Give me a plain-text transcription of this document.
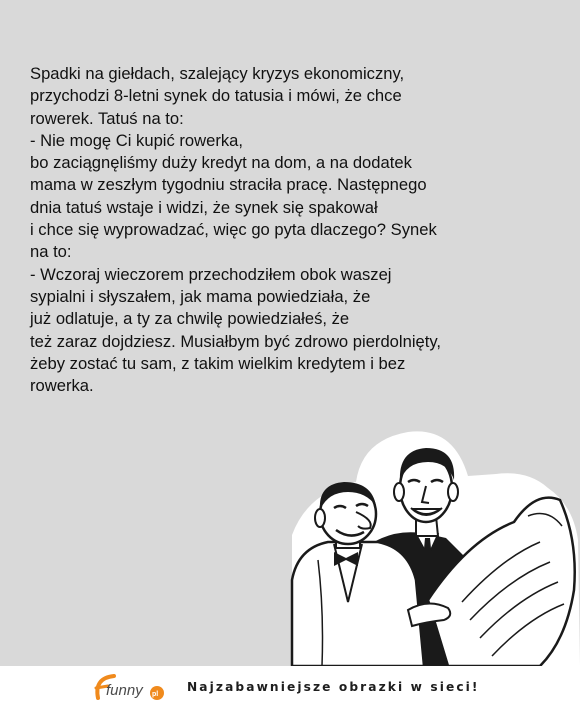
Spadki na giełdach, szalejący kryzys ekonomiczny,
przychodzi 8-letni synek do tatusia i mówi, że chce
rowerek. Tatuś na to:
- Nie mogę Ci kupić rowerka,
bo zaciągnęliśmy duży kredyt na dom, a na dodatek
mama w zeszłym tygodniu straciła pracę. Następnego
dnia tatuś wstaje i widzi, że synek się spakował
i chce się wyprowadzać, więc go pyta dlaczego? Synek
na to:
- Wczoraj wieczorem przechodziłem obok waszej
sypialni i słyszałem, jak mama powiedziała, że
już odlatuje, a ty za chwilę powiedziałeś, że
też zaraz dojdziesz. Musiałbym być zdrowo pierdolnięty,
żeby zostać tu sam, z takim wielkim kredytem i bez
rowerka.

funny pl
Najzabawniejsze obrazki w sieci!
